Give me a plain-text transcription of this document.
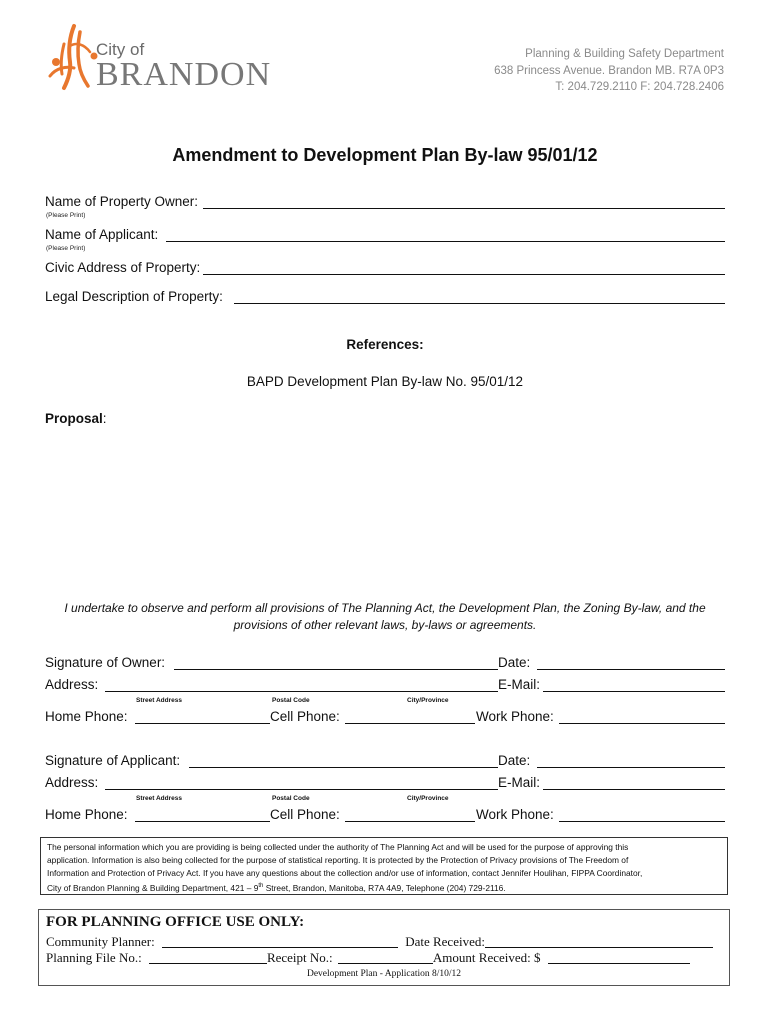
City of
BRANDON
Planning & Building Safety Department
638 Princess Avenue. Brandon MB. R7A 0P3
T: 204.729.2110 F: 204.728.2406
Amendment to Development Plan By-law 95/01/12
Name of Property Owner:
(Please Print)
Name of Applicant:
(Please Print)
Civic Address of Property:
Legal Description of Property:
References:
BAPD Development Plan By-law No. 95/01/12
Proposal:
I undertake to observe and perform all provisions of The Planning Act, the Development Plan, the Zoning By-law, and the provisions of other relevant laws, by-laws or agreements.
Signature of Owner:	Date:
Address:	E-Mail:
Street Address	Postal Code	City/Province
Home Phone:	Cell Phone:	Work Phone:
Signature of Applicant:	Date:
Address:	E-Mail:
Street Address	Postal Code	City/Province
Home Phone:	Cell Phone:	Work Phone:
The personal information which you are providing is being collected under the authority of The Planning Act and will be used for the purpose of approving this
application. Information is also being collected for the purpose of statistical reporting. It is protected by the Protection of Privacy provisions of The Freedom of
Information and Protection of Privacy Act. If you have any questions about the collection and/or use of information, contact Jennifer Houlihan, FIPPA Coordinator,
City of Brandon Planning & Building Department, 421 – 9th Street, Brandon, Manitoba, R7A 4A9, Telephone (204) 729-2116.
FOR PLANNING OFFICE USE ONLY:
Community Planner:	Date Received:
Planning File No.:	Receipt No.:	Amount Received: $
Development Plan - Application 8/10/12
